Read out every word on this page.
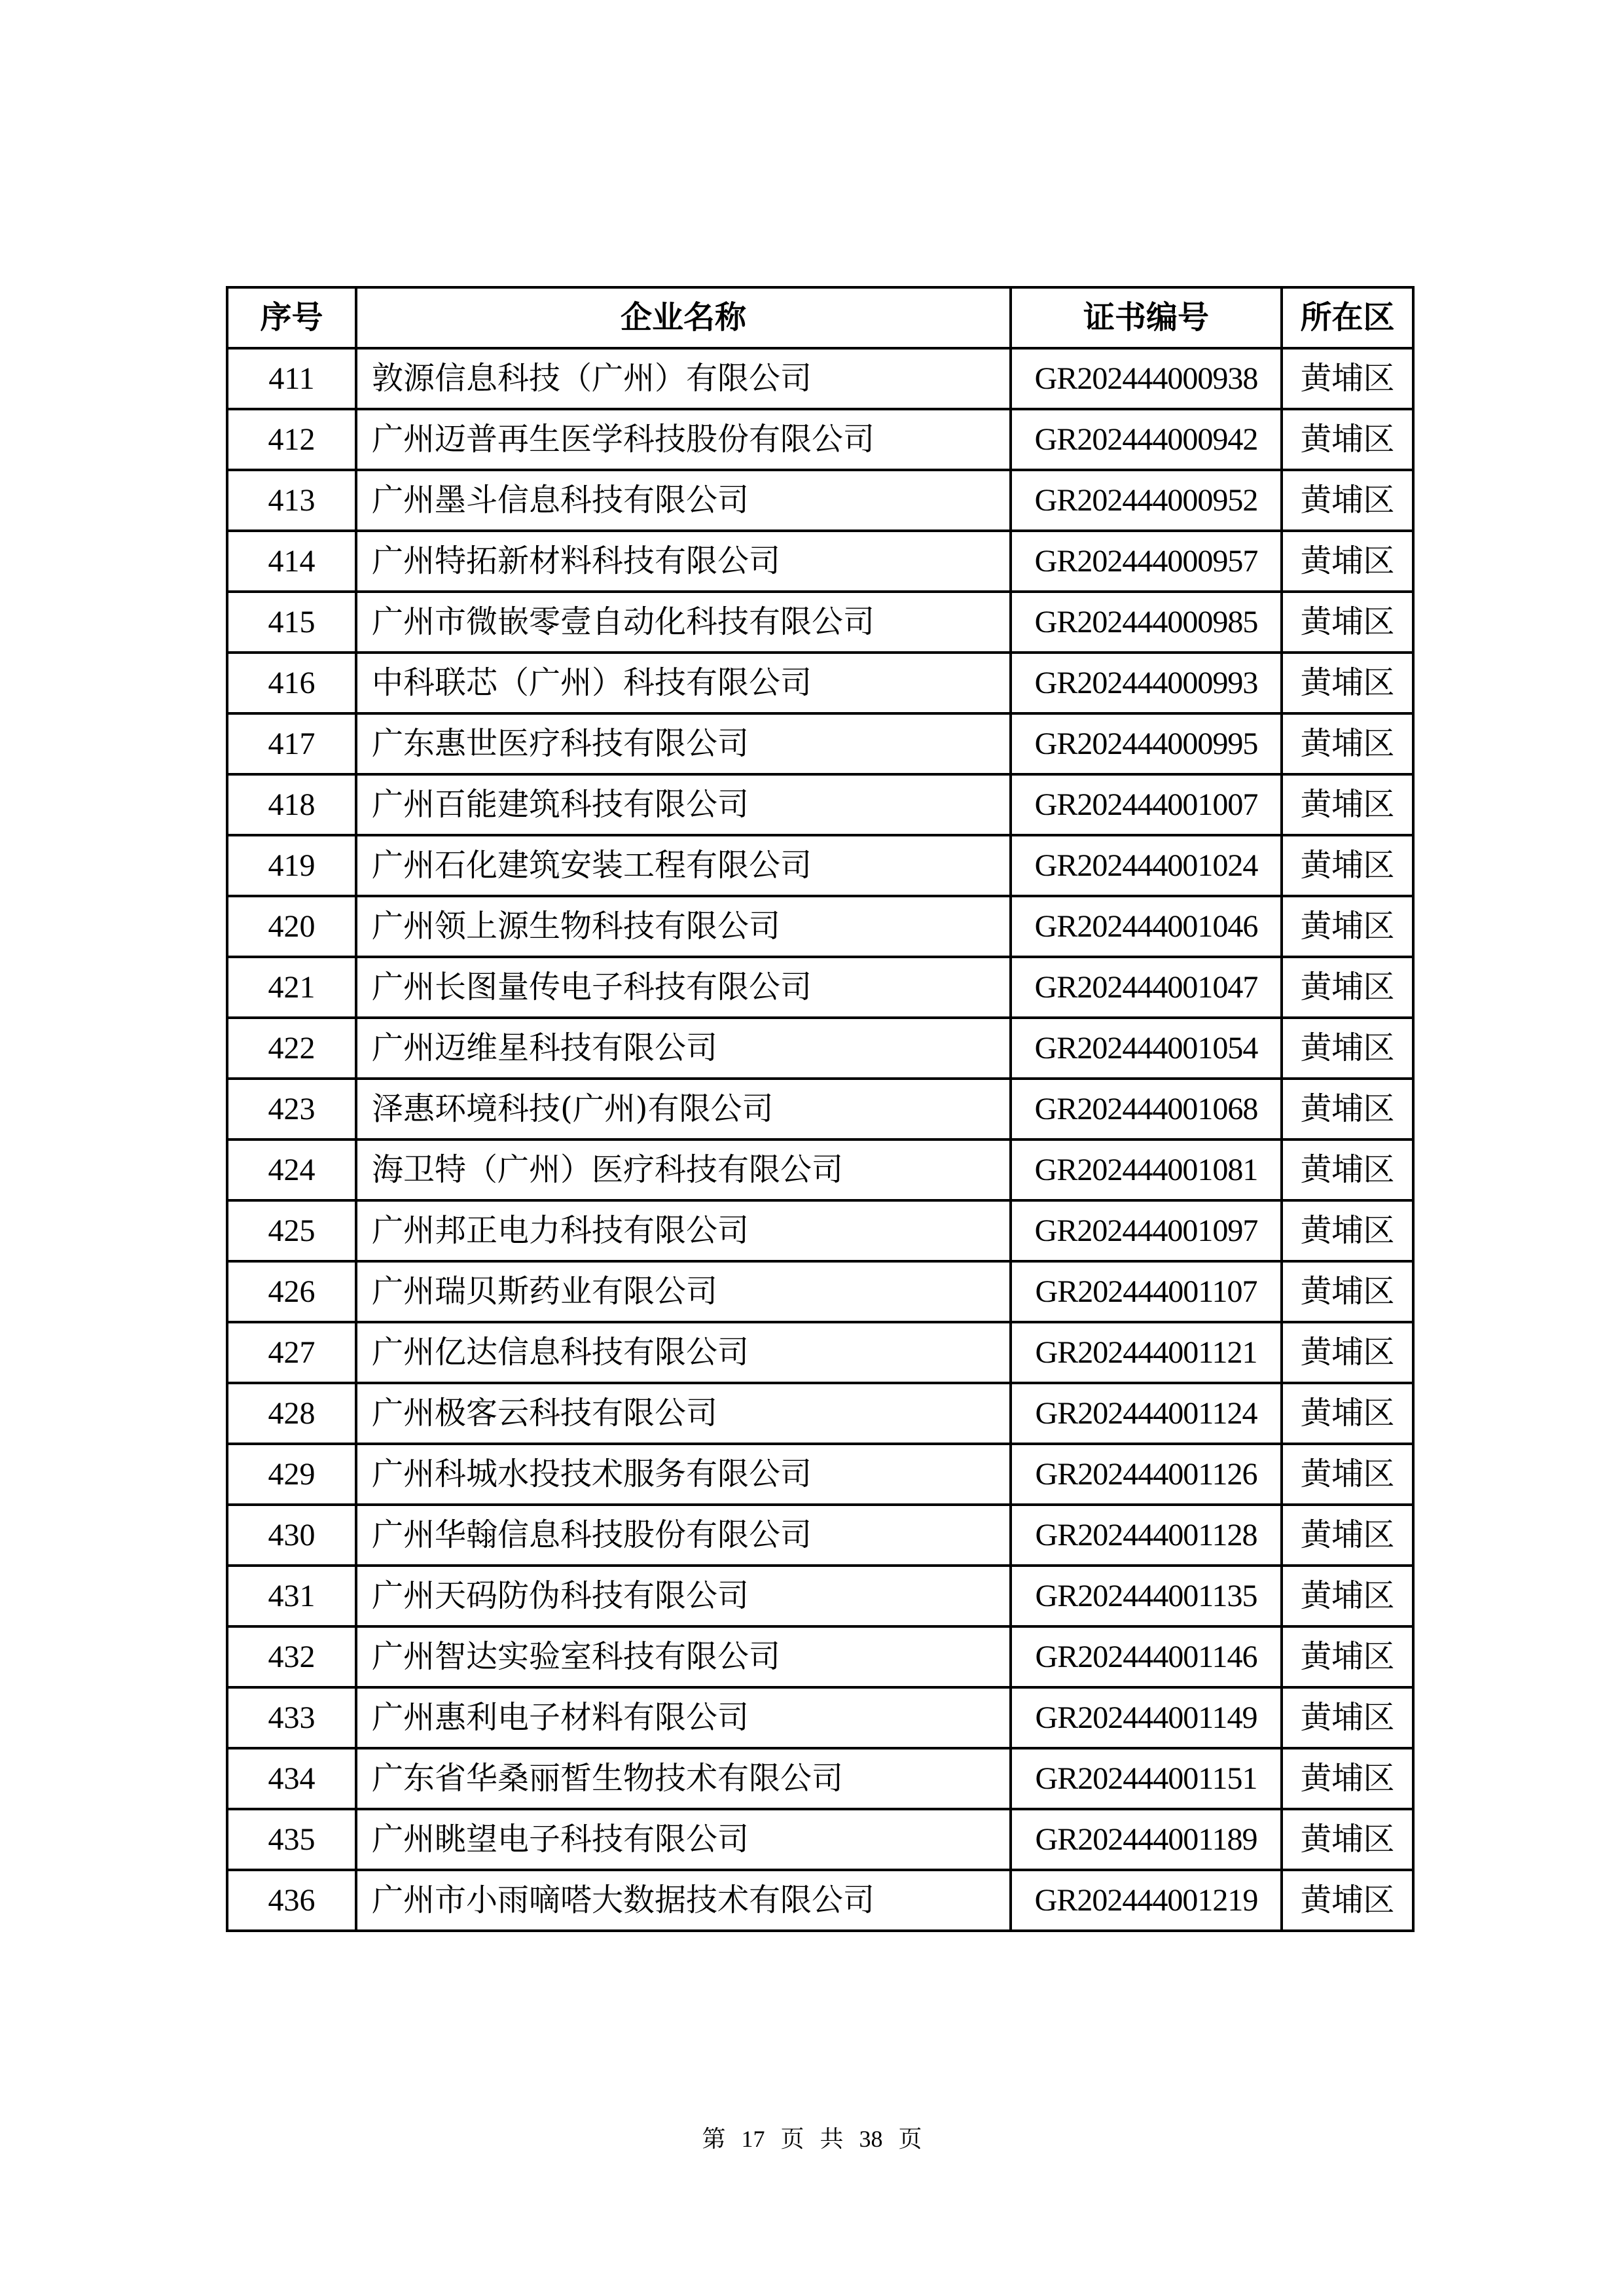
序号	企业名称	证书编号	所在区
411	敦源信息科技（广州）有限公司	GR202444000938	黄埔区
412	广州迈普再生医学科技股份有限公司	GR202444000942	黄埔区
413	广州墨斗信息科技有限公司	GR202444000952	黄埔区
414	广州特拓新材料科技有限公司	GR202444000957	黄埔区
415	广州市微嵌零壹自动化科技有限公司	GR202444000985	黄埔区
416	中科联芯（广州）科技有限公司	GR202444000993	黄埔区
417	广东惠世医疗科技有限公司	GR202444000995	黄埔区
418	广州百能建筑科技有限公司	GR202444001007	黄埔区
419	广州石化建筑安装工程有限公司	GR202444001024	黄埔区
420	广州领上源生物科技有限公司	GR202444001046	黄埔区
421	广州长图量传电子科技有限公司	GR202444001047	黄埔区
422	广州迈维星科技有限公司	GR202444001054	黄埔区
423	泽惠环境科技(广州)有限公司	GR202444001068	黄埔区
424	海卫特（广州）医疗科技有限公司	GR202444001081	黄埔区
425	广州邦正电力科技有限公司	GR202444001097	黄埔区
426	广州瑞贝斯药业有限公司	GR202444001107	黄埔区
427	广州亿达信息科技有限公司	GR202444001121	黄埔区
428	广州极客云科技有限公司	GR202444001124	黄埔区
429	广州科城水投技术服务有限公司	GR202444001126	黄埔区
430	广州华翰信息科技股份有限公司	GR202444001128	黄埔区
431	广州天码防伪科技有限公司	GR202444001135	黄埔区
432	广州智达实验室科技有限公司	GR202444001146	黄埔区
433	广州惠利电子材料有限公司	GR202444001149	黄埔区
434	广东省华桑丽皙生物技术有限公司	GR202444001151	黄埔区
435	广州眺望电子科技有限公司	GR202444001189	黄埔区
436	广州市小雨嘀嗒大数据技术有限公司	GR202444001219	黄埔区
第 17 页 共 38 页
